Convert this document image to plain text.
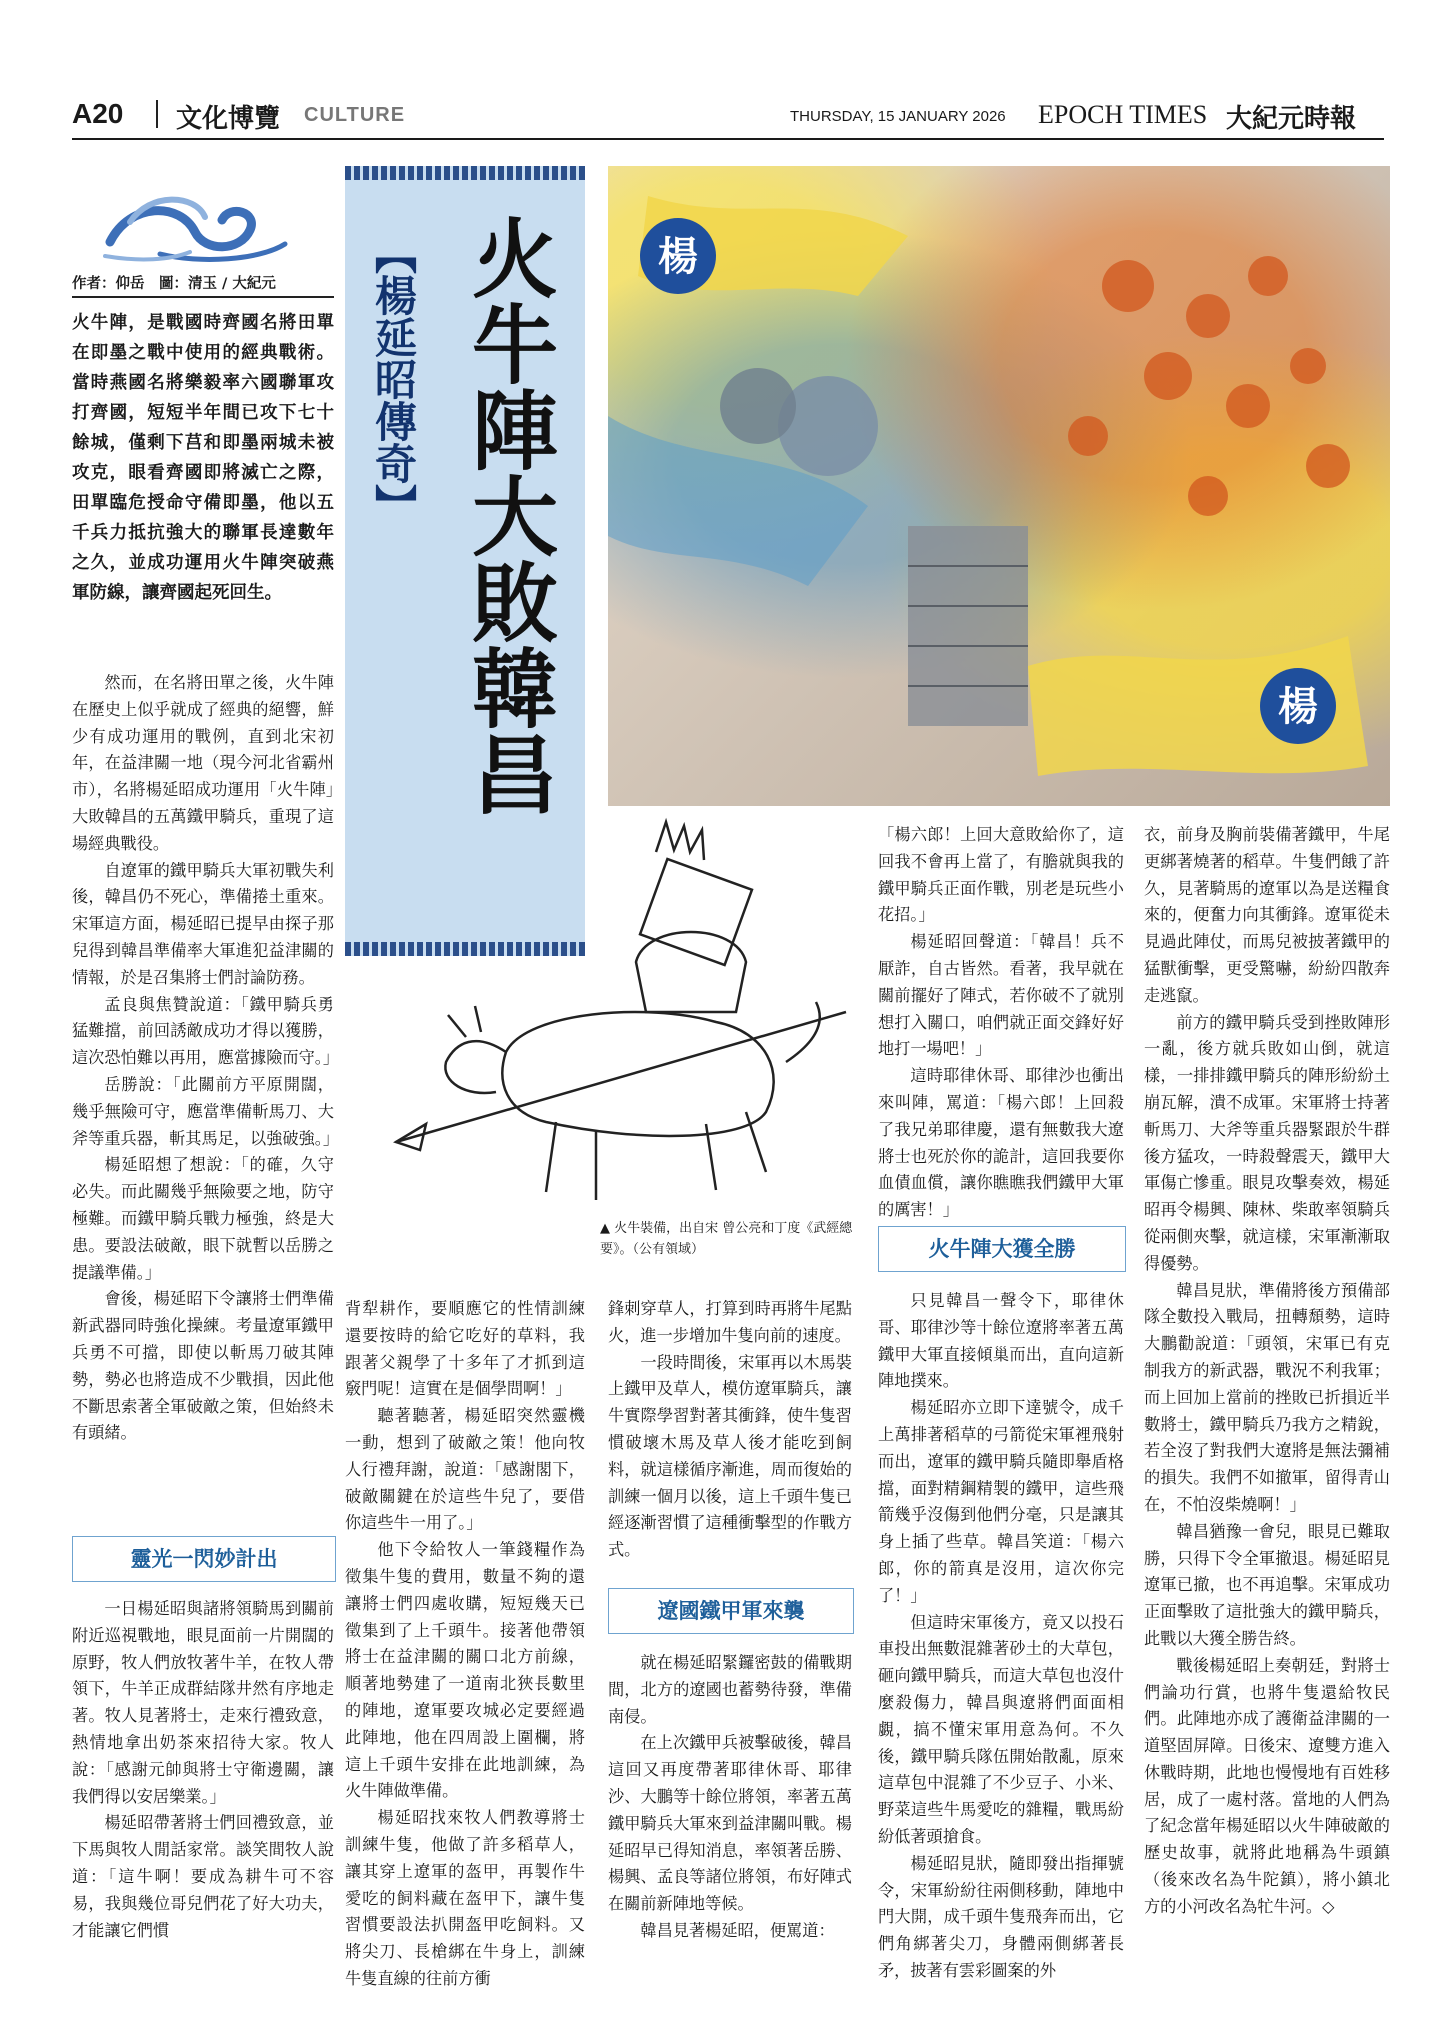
A20 文化博覽 CULTURE	THURSDAY, 15 JANUARY 2026 EPOCH TIMES 大紀元時報
作者：仰岳　圖：清玉 / 大紀元
火牛陣，是戰國時齊國名將田單在即墨之戰中使用的經典戰術。當時燕國名將樂毅率六國聯軍攻打齊國，短短半年間已攻下七十餘城，僅剩下莒和即墨兩城未被攻克，眼看齊國即將滅亡之際，田單臨危授命守備即墨，他以五千兵力抵抗強大的聯軍長達數年之久，並成功運用火牛陣突破燕軍防線，讓齊國起死回生。

然而，在名將田單之後，火牛陣在歷史上似乎就成了經典的絕響，鮮少有成功運用的戰例，直到北宋初年，在益津關一地（現今河北省霸州市），名將楊延昭成功運用「火牛陣」大敗韓昌的五萬鐵甲騎兵，重現了這場經典戰役。

自遼軍的鐵甲騎兵大軍初戰失利後，韓昌仍不死心，準備捲土重來。宋軍這方面，楊延昭已提早由探子那兒得到韓昌準備率大軍進犯益津關的情報，於是召集將士們討論防務。

孟良與焦贊說道：「鐵甲騎兵勇猛難擋，前回誘敵成功才得以獲勝，這次恐怕難以再用，應當據險而守。」

岳勝說：「此關前方平原開闊，幾乎無險可守，應當準備斬馬刀、大斧等重兵器，斬其馬足，以強破強。」

楊延昭想了想說：「的確，久守必失。而此關幾乎無險要之地，防守極難。而鐵甲騎兵戰力極強，終是大患。要設法破敵，眼下就暫以岳勝之提議準備。」

會後，楊延昭下令讓將士們準備新武器同時強化操練。考量遼軍鐵甲兵勇不可擋，即使以斬馬刀破其陣勢，勢必也將造成不少戰損，因此他不斷思索著全軍破敵之策，但始終未有頭緒。

靈光一閃妙計出

一日楊延昭與諸將領騎馬到關前附近巡視戰地，眼見面前一片開闊的原野，牧人們放牧著牛羊，在牧人帶領下，牛羊正成群結隊井然有序地走著。牧人見著將士，走來行禮致意，熱情地拿出奶茶來招待大家。牧人說：「感謝元帥與將士守衛邊關，讓我們得以安居樂業。」

楊延昭帶著將士們回禮致意，並下馬與牧人閒話家常。談笑間牧人說道：「這牛啊！要成為耕牛可不容易，我與幾位哥兒們花了好大功夫，才能讓它們慣

【楊延昭傳奇】 火牛陣大敗韓昌	楊
楊
▲ 火牛裝備，出自宋 曾公亮和丁度《武經總要》。（公有領域）

背犁耕作，要順應它的性情訓練還要按時的給它吃好的草料，我跟著父親學了十多年了才抓到這竅門呢！這實在是個學問啊！」

聽著聽著，楊延昭突然靈機一動，想到了破敵之策！他向牧人行禮拜謝，說道：「感謝閣下，破敵關鍵在於這些牛兒了，要借你這些牛一用了。」

他下令給牧人一筆錢糧作為徵集牛隻的費用，數量不夠的還讓將士們四處收購，短短幾天已徵集到了上千頭牛。接著他帶領將士在益津關的關口北方前線，順著地勢建了一道南北狹長數里的陣地，遼軍要攻城必定要經過此陣地，他在四周設上圍欄，將這上千頭牛安排在此地訓練，為火牛陣做準備。

楊延昭找來牧人們教導將士訓練牛隻，他做了許多稻草人，讓其穿上遼軍的盔甲，再製作牛愛吃的飼料藏在盔甲下，讓牛隻習慣要設法扒開盔甲吃飼料。又將尖刀、長槍綁在牛身上，訓練牛隻直線的往前方衝

鋒刺穿草人，打算到時再將牛尾點火，進一步增加牛隻向前的速度。

一段時間後，宋軍再以木馬裝上鐵甲及草人，模仿遼軍騎兵，讓牛實際學習對著其衝鋒，使牛隻習慣破壞木馬及草人後才能吃到飼料，就這樣循序漸進，周而復始的訓練一個月以後，這上千頭牛隻已經逐漸習慣了這種衝擊型的作戰方式。

遼國鐵甲軍來襲

就在楊延昭緊鑼密鼓的備戰期間，北方的遼國也蓄勢待發，準備南侵。

在上次鐵甲兵被擊破後，韓昌這回又再度帶著耶律休哥、耶律沙、大鵬等十餘位將領，率著五萬鐵甲騎兵大軍來到益津關叫戰。楊延昭早已得知消息，率領著岳勝、楊興、孟良等諸位將領，布好陣式在關前新陣地等候。

韓昌見著楊延昭，便罵道：

「楊六郎！上回大意敗給你了，這回我不會再上當了，有膽就與我的鐵甲騎兵正面作戰，別老是玩些小花招。」

楊延昭回聲道：「韓昌！兵不厭詐，自古皆然。看著，我早就在關前擺好了陣式，若你破不了就別想打入關口，咱們就正面交鋒好好地打一場吧！」

這時耶律休哥、耶律沙也衝出來叫陣，罵道：「楊六郎！上回殺了我兄弟耶律慶，還有無數我大遼將士也死於你的詭計，這回我要你血債血償，讓你瞧瞧我們鐵甲大軍的厲害！」

火牛陣大獲全勝

只見韓昌一聲令下，耶律休哥、耶律沙等十餘位遼將率著五萬鐵甲大軍直接傾巢而出，直向這新陣地撲來。

楊延昭亦立即下達號令，成千上萬排著稻草的弓箭從宋軍裡飛射而出，遼軍的鐵甲騎兵隨即舉盾格擋，面對精鋼精製的鐵甲，這些飛箭幾乎沒傷到他們分毫，只是讓其身上插了些草。韓昌笑道：「楊六郎，你的箭真是沒用，這次你完了！」

但這時宋軍後方，竟又以投石車投出無數混雜著砂土的大草包，砸向鐵甲騎兵，而這大草包也沒什麼殺傷力，韓昌與遼將們面面相覷，搞不懂宋軍用意為何。不久後，鐵甲騎兵隊伍開始散亂，原來這草包中混雜了不少豆子、小米、野菜這些牛馬愛吃的雜糧，戰馬紛紛低著頭搶食。

楊延昭見狀，隨即發出指揮號令，宋軍紛紛往兩側移動，陣地中門大開，成千頭牛隻飛奔而出，它們角綁著尖刀，身體兩側綁著長矛，披著有雲彩圖案的外

衣，前身及胸前裝備著鐵甲，牛尾更綁著燒著的稻草。牛隻們餓了許久，見著騎馬的遼軍以為是送糧食來的，便奮力向其衝鋒。遼軍從未見過此陣仗，而馬兒被披著鐵甲的猛獸衝擊，更受驚嚇，紛紛四散奔走逃竄。

前方的鐵甲騎兵受到挫敗陣形一亂，後方就兵敗如山倒，就這樣，一排排鐵甲騎兵的陣形紛紛土崩瓦解，潰不成軍。宋軍將士持著斬馬刀、大斧等重兵器緊跟於牛群後方猛攻，一時殺聲震天，鐵甲大軍傷亡慘重。眼見攻擊奏效，楊延昭再令楊興、陳林、柴敢率領騎兵從兩側夾擊，就這樣，宋軍漸漸取得優勢。

韓昌見狀，準備將後方預備部隊全數投入戰局，扭轉頹勢，這時大鵬勸說道：「頭領，宋軍已有克制我方的新武器，戰況不利我軍；而上回加上當前的挫敗已折損近半數將士，鐵甲騎兵乃我方之精銳，若全沒了對我們大遼將是無法彌補的損失。我們不如撤軍，留得青山在，不怕沒柴燒啊！」

韓昌猶豫一會兒，眼見已難取勝，只得下令全軍撤退。楊延昭見遼軍已撤，也不再追擊。宋軍成功正面擊敗了這批強大的鐵甲騎兵，此戰以大獲全勝告終。

戰後楊延昭上奏朝廷，對將士們論功行賞，也將牛隻還給牧民們。此陣地亦成了護衛益津關的一道堅固屏障。日後宋、遼雙方進入休戰時期，此地也慢慢地有百姓移居，成了一處村落。當地的人們為了紀念當年楊延昭以火牛陣破敵的歷史故事，就將此地稱為牛頭鎮（後來改名為牛陀鎮），將小鎮北方的小河改名為牤牛河。◇
